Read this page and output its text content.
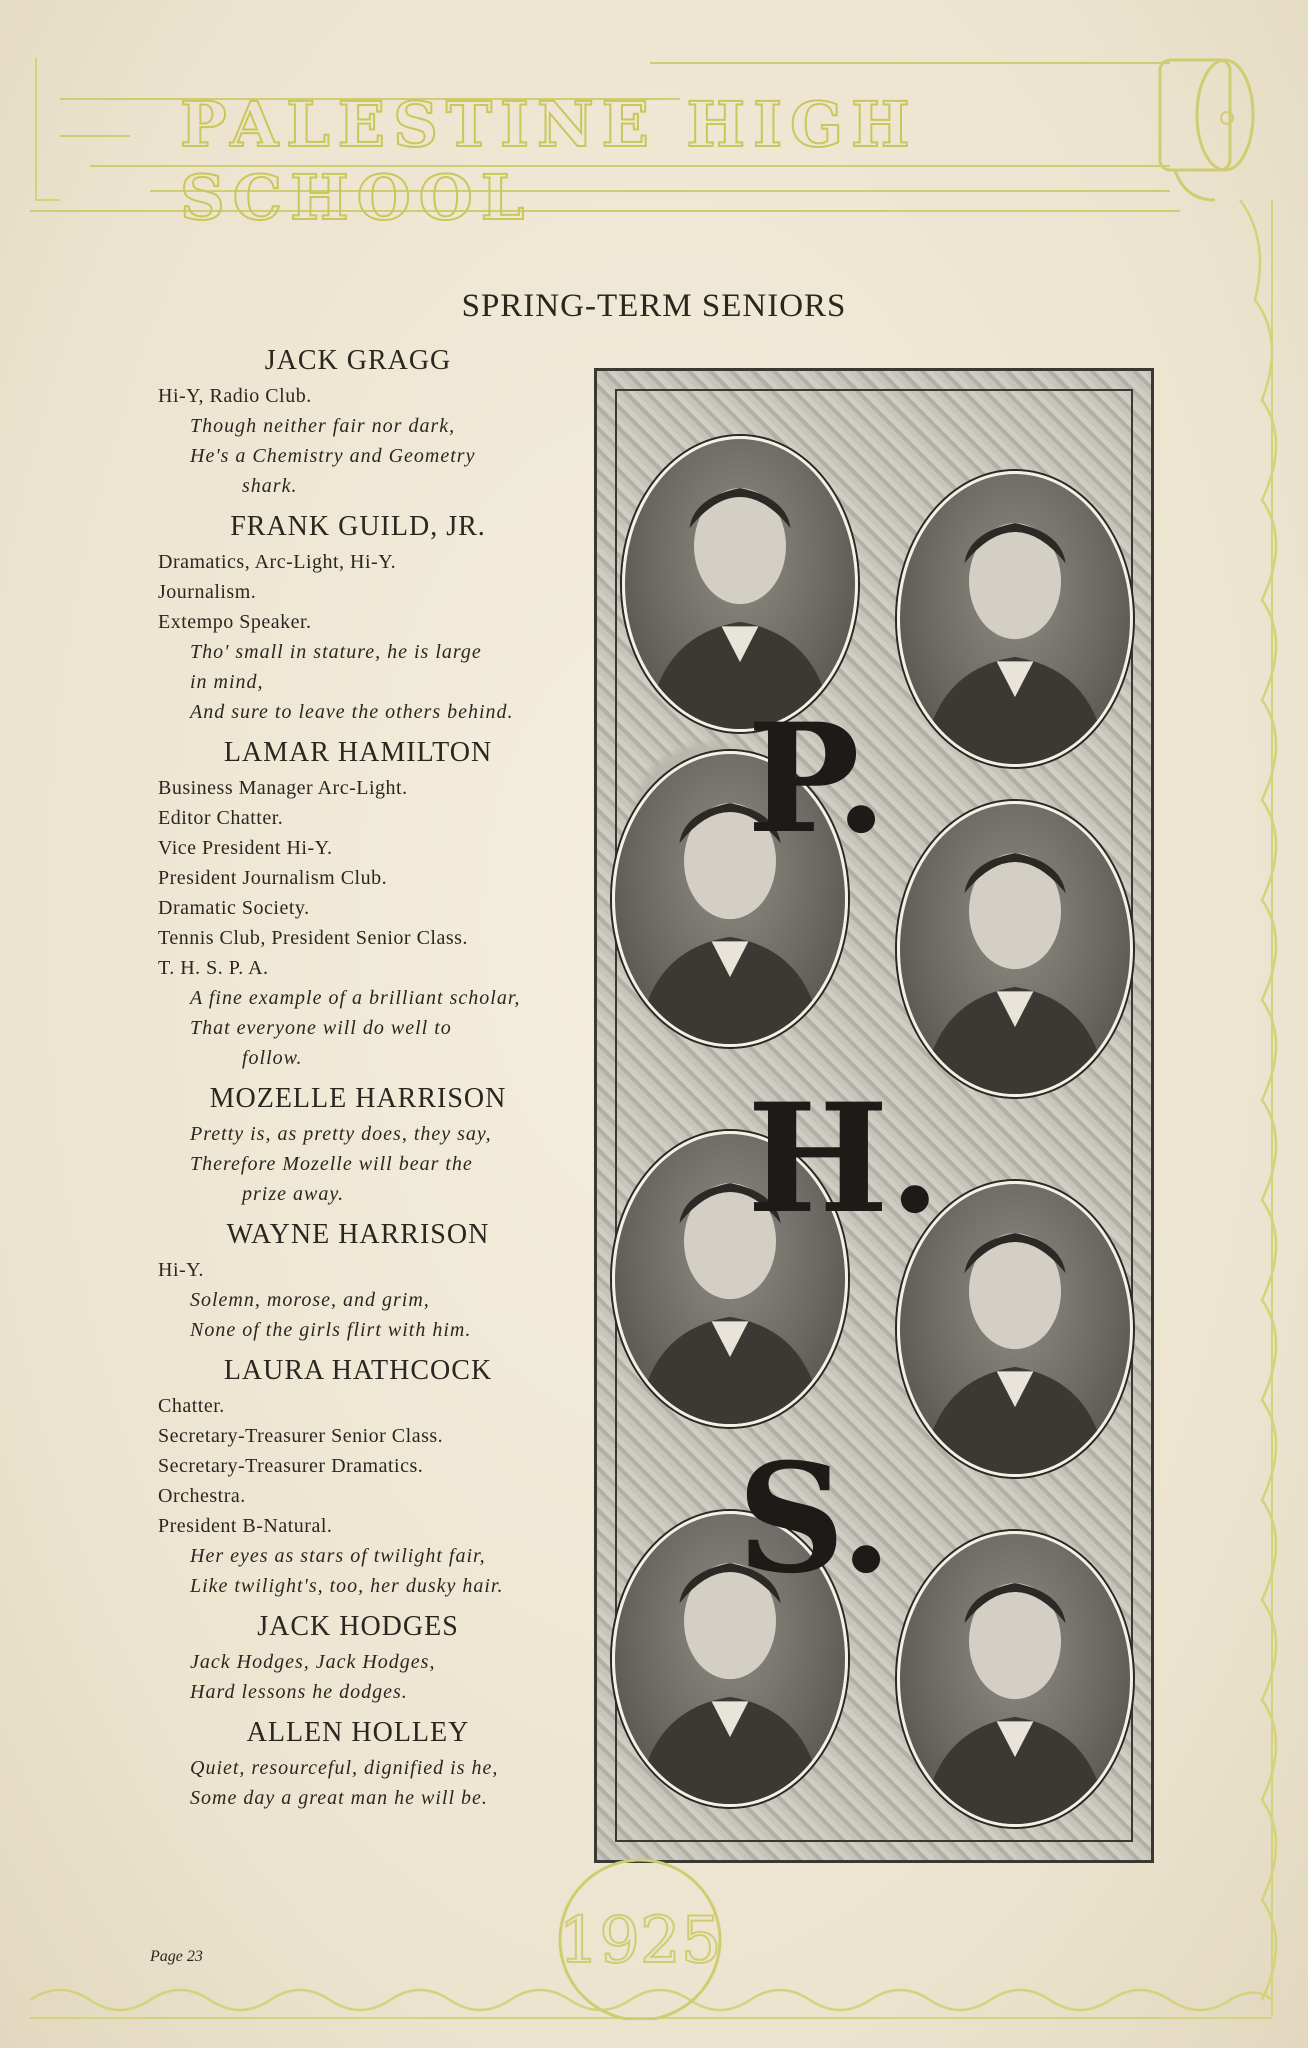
PALESTINE HIGH SCHOOL
SPRING-TERM SENIORS
JACK GRAGG
Hi-Y, Radio Club.
Though neither fair nor dark,
He's a Chemistry and Geometry
shark.
FRANK GUILD, JR.
Dramatics, Arc-Light, Hi-Y.
Journalism.
Extempo Speaker.
Tho' small in stature, he is large
in mind,
And sure to leave the others behind.
LAMAR HAMILTON
Business Manager Arc-Light.
Editor Chatter.
Vice President Hi-Y.
President Journalism Club.
Dramatic Society.
Tennis Club, President Senior Class.
T. H. S. P. A.
A fine example of a brilliant scholar,
That everyone will do well to
follow.
MOZELLE HARRISON
Pretty is, as pretty does, they say,
Therefore Mozelle will bear the
prize away.
WAYNE HARRISON
Hi-Y.
Solemn, morose, and grim,
None of the girls flirt with him.
LAURA HATHCOCK
Chatter.
Secretary-Treasurer Senior Class.
Secretary-Treasurer Dramatics.
Orchestra.
President B-Natural.
Her eyes as stars of twilight fair,
Like twilight's, too, her dusky hair.
JACK HODGES
Jack Hodges, Jack Hodges,
Hard lessons he dodges.
ALLEN HOLLEY
Quiet, resourceful, dignified is he,
Some day a great man he will be.
P.
H.
S.
1925
Page 23
